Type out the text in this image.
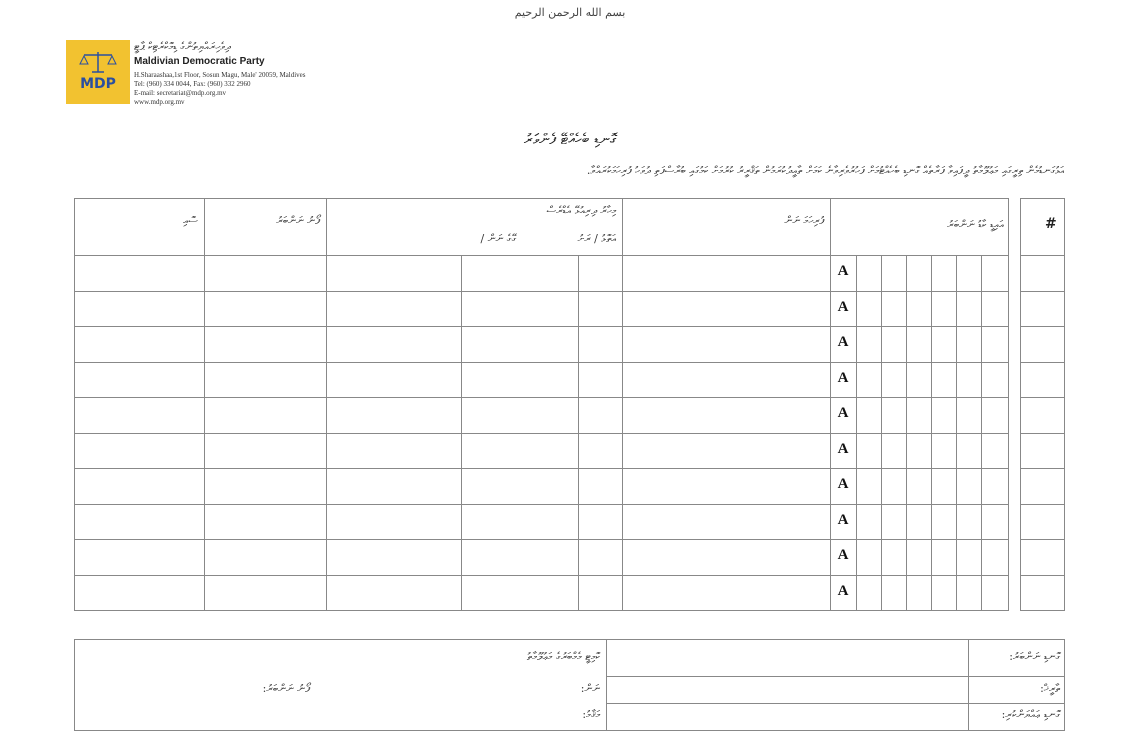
بسم الله الرحمن الرحيم
MDP
ދިވެހިރައްޔިތުންގެ ޑިމޮކްރެޓިކް ޕާޓީ
Maldivian Democratic Party
H.Sharaashaa,1st Floor, Sosun Magu, Male' 20059, Maldives
Tel: (960) 334 0044, Fax: (960) 332 2960
E-mail: secretariat@mdp.org.mv
www.mdp.org.mv
ގޮނޑި ބެހެއްޓޭ ފެންވަރު
އަޅުގަނޑުމެން ތިރީގައި މަޢުލޫމާތު ދީފައިވާ ފަރާތެއް ގޮނޑި ބެހެއްޓުމަށް ފަހުރުވެރިވާނެ ކަމަށް ތާއީދުކުރަމުން ތަޤްރީރު ކުރުމަށް ކަމުގައި ބުރާސްފަތި ދުވަހު ފުރިހަމަކުރައްވާ.
#
އައިޑީ ކާޑު ނަންބަރު
ފުރިހަމަ ނަން
މިހާރު ދިރިއުޅޭ އެޑްރެސް
އަތޮޅު / ރަށު
ގޭގެ ނަން /
ފޯނު ނަންބަރު
ސޮއި
A
A
A
A
A
A
A
A
A
A
ގޮނޑި ނަންބަރު:
ތާރީޚް:
ގޮނޑި ޢައްޔަންކުރި:
ކޮމިޓީ މެމްބަރުގެ މަޢުލޫމާތު
ނަން:
މަޤާމު:
ފޯނު ނަންބަރު:
